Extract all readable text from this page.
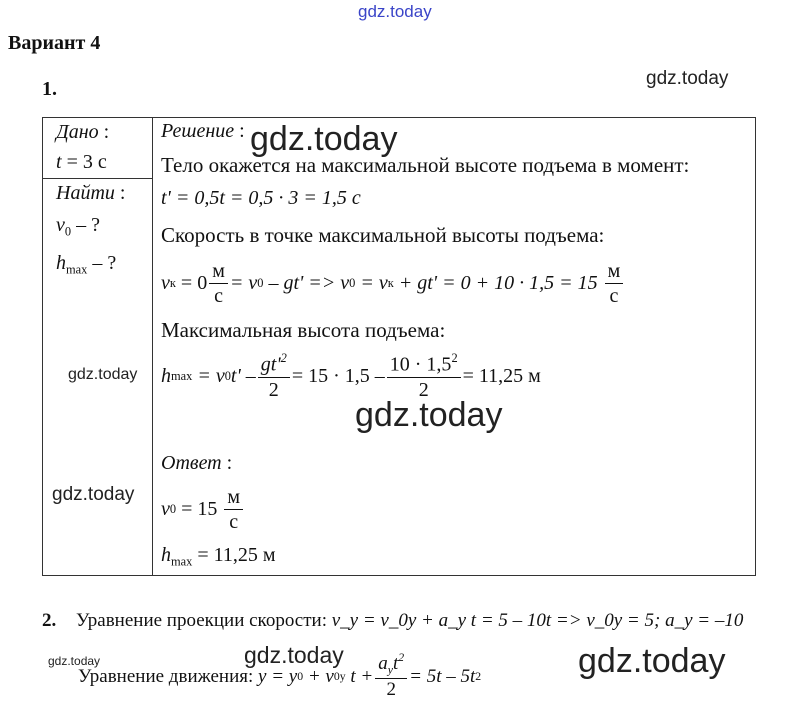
gdz.today
gdz.today
Вариант 4
1.
Дано :
t = 3 с
Найти :
$v_0$ – ?
$h_{max}$ – ?
Решение : gdz.today
Тело окажется на максимальной высоте подъема в момент:
t' = 0,5t = 0,5 · 3 = 1,5 с
Скорость в точке максимальной высоты подъема:
v к
= $0 \frac{м}{с} = v$ 0
– gt' => v 0
= v к
+ gt' = 0 + 10 · 1,5 = 15
$\frac{м}{с}$
Максимальная высота подъема:
gdz.today h max
= v 0 $t' - \frac{gt'^2}{2} = 15 \cdot 1,5 - \frac{10 \cdot 1,5^2}{2} = 11,25$ м
gdz.today
Ответ :
gdz.today
v 0
= 15
$\frac{м}{с}$
$h_{max} = 11,25$ м
2. Уравнение проекции скорости: v_y = v_0y + a_y t = 5 – 10t => v_0y = 5; a_y = –10
gdz.today	gdz.today	gdz.today
Уравнение движения:
y = y 0
+ v 0y
$t + \frac{a_yt^2}{2} = 5t - 5t$ 2
